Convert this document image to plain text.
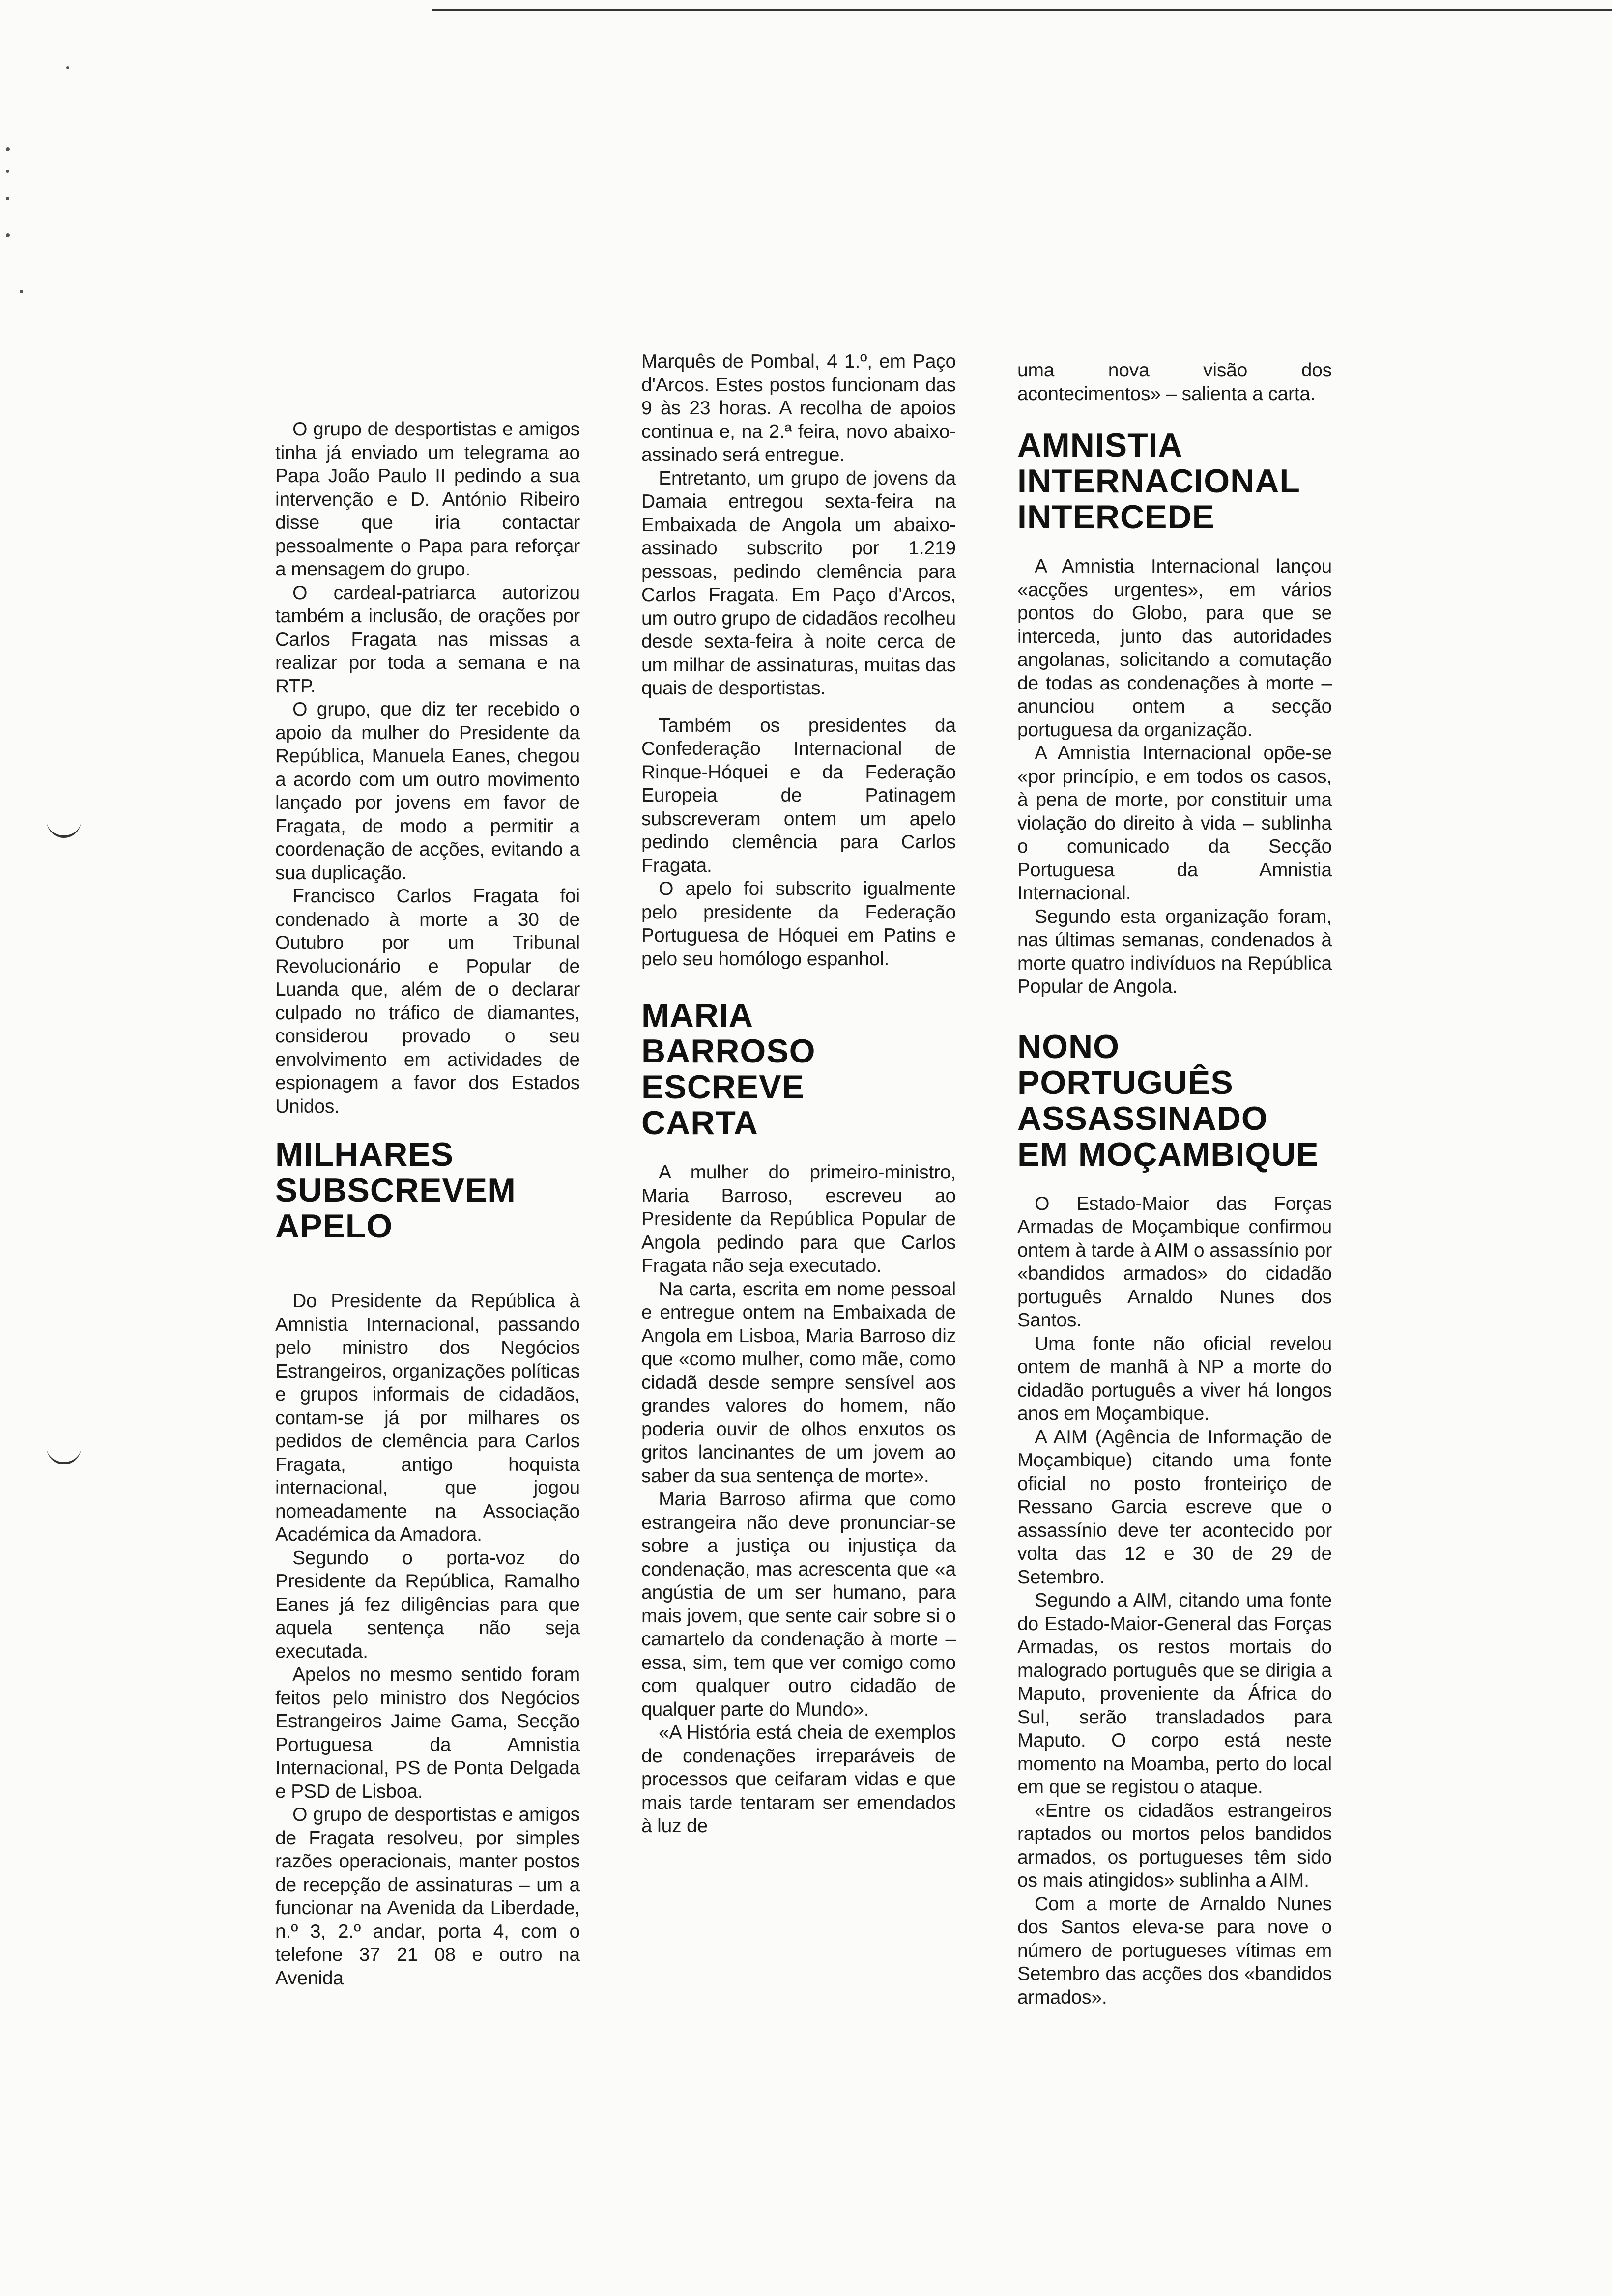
O grupo de desportistas e amigos tinha já enviado um telegrama ao Papa João Paulo II pedindo a sua intervenção e D. António Ribeiro disse que iria contactar pessoalmente o Papa para reforçar a mensagem do grupo.

O cardeal-patriarca autorizou também a inclusão, de orações por Carlos Fragata nas missas a realizar por toda a semana e na RTP.

O grupo, que diz ter recebido o apoio da mulher do Presidente da República, Manuela Eanes, chegou a acordo com um outro movimento lançado por jovens em favor de Fragata, de modo a permitir a coordenação de acções, evitando a sua duplicação.

Francisco Carlos Fragata foi condenado à morte a 30 de Outubro por um Tribunal Revolucionário e Popular de Luanda que, além de o declarar culpado no tráfico de diamantes, considerou provado o seu envolvimento em actividades de espionagem a favor dos Estados Unidos.

MILHARES
SUBSCREVEM
APELO

Do Presidente da República à Amnistia Internacional, passando pelo ministro dos Negócios Estrangeiros, organizações políticas e grupos informais de cidadãos, contam-se já por milhares os pedidos de clemência para Carlos Fragata, antigo hoquista internacional, que jogou nomeadamente na Associação Académica da Amadora.

Segundo o porta-voz do Presidente da República, Ramalho Eanes já fez diligências para que aquela sentença não seja executada.

Apelos no mesmo sentido foram feitos pelo ministro dos Negócios Estrangeiros Jaime Gama, Secção Portuguesa da Amnistia Internacional, PS de Ponta Delgada e PSD de Lisboa.

O grupo de desportistas e amigos de Fragata resolveu, por simples razões operacionais, manter postos de recepção de assinaturas – um a funcionar na Avenida da Liberdade, n.º 3, 2.º andar, porta 4, com o telefone 37 21 08 e outro na Avenida

Marquês de Pombal, 4 1.º, em Paço d'Arcos. Estes postos funcionam das 9 às 23 horas. A recolha de apoios continua e, na 2.ª feira, novo abaixo-assinado será entregue.

Entretanto, um grupo de jovens da Damaia entregou sexta-feira na Embaixada de Angola um abaixo-assinado subscrito por 1.219 pessoas, pedindo clemência para Carlos Fragata. Em Paço d'Arcos, um outro grupo de cidadãos recolheu desde sexta-feira à noite cerca de um milhar de assinaturas, muitas das quais de desportistas.

Também os presidentes da Confederação Internacional de Rinque-Hóquei e da Federação Europeia de Patinagem subscreveram ontem um apelo pedindo clemência para Carlos Fragata.

O apelo foi subscrito igualmente pelo presidente da Federação Portuguesa de Hóquei em Patins e pelo seu homólogo espanhol.

MARIA
BARROSO
ESCREVE
CARTA

A mulher do primeiro-ministro, Maria Barroso, escreveu ao Presidente da República Popular de Angola pedindo para que Carlos Fragata não seja executado.

Na carta, escrita em nome pessoal e entregue ontem na Embaixada de Angola em Lisboa, Maria Barroso diz que «como mulher, como mãe, como cidadã desde sempre sensível aos grandes valores do homem, não poderia ouvir de olhos enxutos os gritos lancinantes de um jovem ao saber da sua sentença de morte».

Maria Barroso afirma que como estrangeira não deve pronunciar-se sobre a justiça ou injustiça da condenação, mas acrescenta que «a angústia de um ser humano, para mais jovem, que sente cair sobre si o camartelo da condenação à morte – essa, sim, tem que ver comigo como com qualquer outro cidadão de qualquer parte do Mundo».

«A História está cheia de exemplos de condenações irreparáveis de processos que ceifaram vidas e que mais tarde tentaram ser emendados à luz de

uma nova visão dos acontecimentos» – salienta a carta.

AMNISTIA
INTERNACIONAL
INTERCEDE

A Amnistia Internacional lançou «acções urgentes», em vários pontos do Globo, para que se interceda, junto das autoridades angolanas, solicitando a comutação de todas as condenações à morte – anunciou ontem a secção portuguesa da organização.

A Amnistia Internacional opõe-se «por princípio, e em todos os casos, à pena de morte, por constituir uma violação do direito à vida – sublinha o comunicado da Secção Portuguesa da Amnistia Internacional.

Segundo esta organização foram, nas últimas semanas, condenados à morte quatro indivíduos na República Popular de Angola.

NONO PORTUGUÊS
ASSASSINADO
EM MOÇAMBIQUE

O Estado-Maior das Forças Armadas de Moçambique confirmou ontem à tarde à AIM o assassínio por «bandidos armados» do cidadão português Arnaldo Nunes dos Santos.

Uma fonte não oficial revelou ontem de manhã à NP a morte do cidadão português a viver há longos anos em Moçambique.

A AIM (Agência de Informação de Moçambique) citando uma fonte oficial no posto fronteiriço de Ressano Garcia escreve que o assassínio deve ter acontecido por volta das 12 e 30 de 29 de Setembro.

Segundo a AIM, citando uma fonte do Estado-Maior-General das Forças Armadas, os restos mortais do malogrado português que se dirigia a Maputo, proveniente da África do Sul, serão transladados para Maputo. O corpo está neste momento na Moamba, perto do local em que se registou o ataque.

«Entre os cidadãos estrangeiros raptados ou mortos pelos bandidos armados, os portugueses têm sido os mais atingidos» sublinha a AIM.

Com a morte de Arnaldo Nunes dos Santos eleva-se para nove o número de portugueses vítimas em Setembro das acções dos «bandidos armados».
